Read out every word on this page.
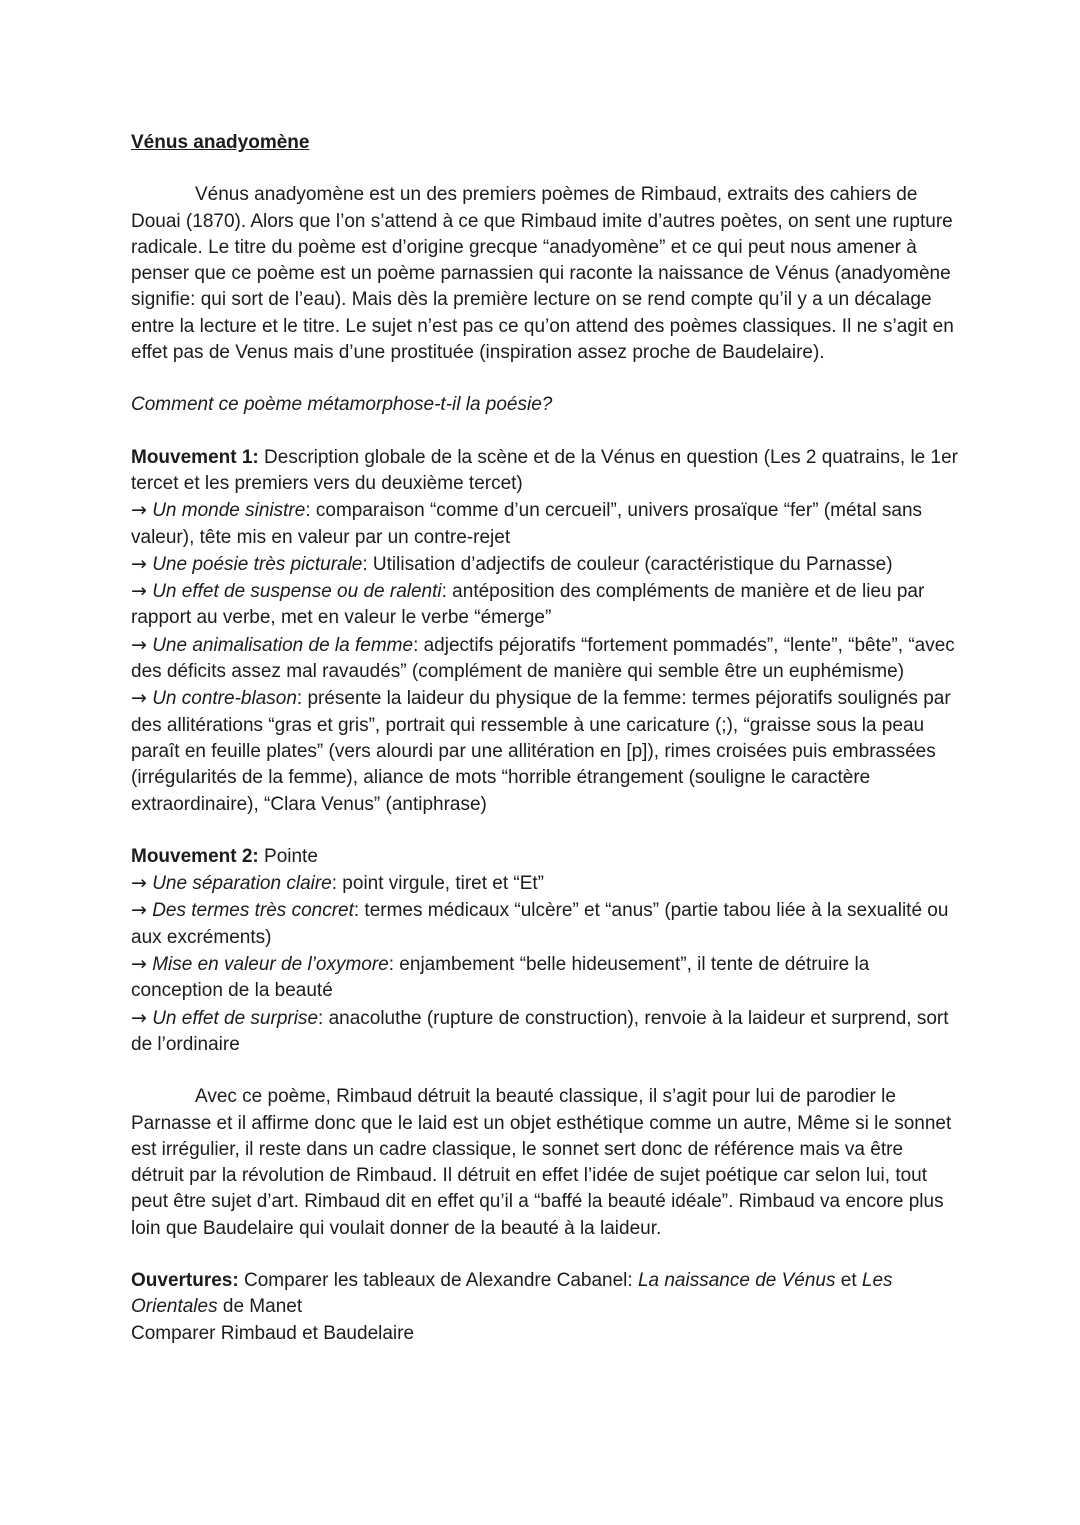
Vénus anadyomène

Vénus anadyomène est un des premiers poèmes de Rimbaud, extraits des cahiers de Douai (1870). Alors que l’on s’attend à ce que Rimbaud imite d’autres poètes, on sent une rupture radicale. Le titre du poème est d’origine grecque “anadyomène” et ce qui peut nous amener à penser que ce poème est un poème parnassien qui raconte la naissance de Vénus (anadyomène signifie: qui sort de l’eau). Mais dès la première lecture on se rend compte qu’il y a un décalage entre la lecture et le titre. Le sujet n’est pas ce qu’on attend des poèmes classiques. Il ne s’agit en effet pas de Venus mais d’une prostituée (inspiration assez proche de Baudelaire).

Comment ce poème métamorphose-t-il la poésie?

Mouvement 1: Description globale de la scène et de la Vénus en question (Les 2 quatrains, le 1er tercet et les premiers vers du deuxième tercet)

→ Un monde sinistre: comparaison “comme d’un cercueil”, univers prosaïque “fer” (métal sans valeur), tête mis en valeur par un contre-rejet

→ Une poésie très picturale: Utilisation d’adjectifs de couleur (caractéristique du Parnasse)

→ Un effet de suspense ou de ralenti: antéposition des compléments de manière et de lieu par rapport au verbe, met en valeur le verbe “émerge”

→ Une animalisation de la femme: adjectifs péjoratifs “fortement pommadés”, “lente”, “bête”, “avec des déficits assez mal ravaudés” (complément de manière qui semble être un euphémisme)

→ Un contre-blason: présente la laideur du physique de la femme: termes péjoratifs soulignés par des allitérations “gras et gris”, portrait qui ressemble à une caricature (;), “graisse sous la peau paraît en feuille plates” (vers alourdi par une allitération en [p]), rimes croisées puis embrassées (irrégularités de la femme), aliance de mots “horrible étrangement (souligne le caractère extraordinaire), “Clara Venus” (antiphrase)

Mouvement 2: Pointe

→ Une séparation claire: point virgule, tiret et “Et”

→ Des termes très concret: termes médicaux “ulcère” et “anus” (partie tabou liée à la sexualité ou aux excréments)

→ Mise en valeur de l’oxymore: enjambement “belle hideusement”, il tente de détruire la conception de la beauté

→ Un effet de surprise: anacoluthe (rupture de construction), renvoie à la laideur et surprend, sort de l’ordinaire

Avec ce poème, Rimbaud détruit la beauté classique, il s’agit pour lui de parodier le Parnasse et il affirme donc que le laid est un objet esthétique comme un autre, Même si le sonnet est irrégulier, il reste dans un cadre classique, le sonnet sert donc de référence mais va être détruit par la révolution de Rimbaud. Il détruit en effet l’idée de sujet poétique car selon lui, tout peut être sujet d’art. Rimbaud dit en effet qu’il a “baffé la beauté idéale”. Rimbaud va encore plus loin que Baudelaire qui voulait donner de la beauté à la laideur.

Ouvertures: Comparer les tableaux de Alexandre Cabanel: La naissance de Vénus et Les Orientales de Manet

Comparer Rimbaud et Baudelaire
